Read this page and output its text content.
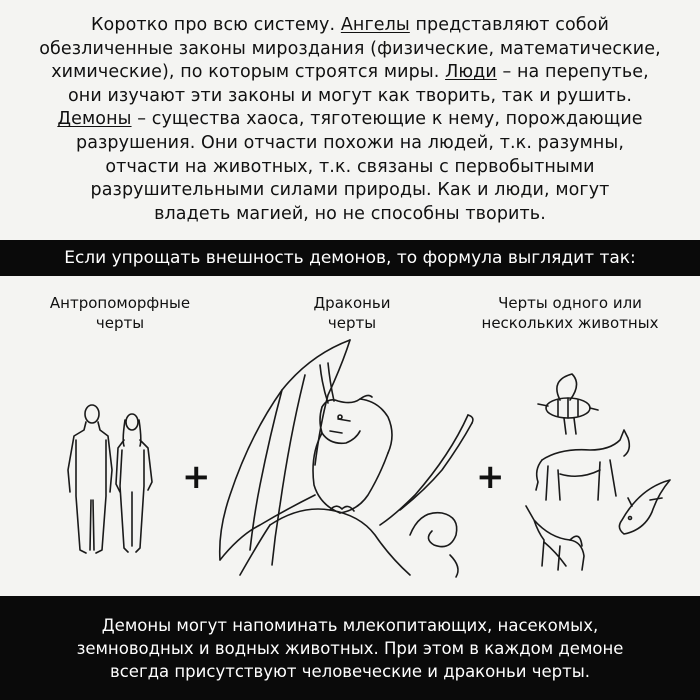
Коротко про всю систему. Ангелы представляют собой
обезличенные законы мироздания (физические, математические,
химические), по которым строятся миры. Люди – на перепутье,
они изучают эти законы и могут как творить, так и рушить.
Демоны – существа хаоса, тяготеющие к нему, порождающие
разрушения. Они отчасти похожи на людей, т.к. разумны,
отчасти на животных, т.к. связаны с первобытными
разрушительными силами природы. Как и люди, могут
владеть магией, но не способны творить.
Если упрощать внешность демонов, то формула выглядит так:
Антропоморфные
черты
Драконьи
черты
Черты одного или
нескольких животных
+	+
Демоны могут напоминать млекопитающих, насекомых,
земноводных и водных животных. При этом в каждом демоне
всегда присутствуют человеческие и драконьи черты.
